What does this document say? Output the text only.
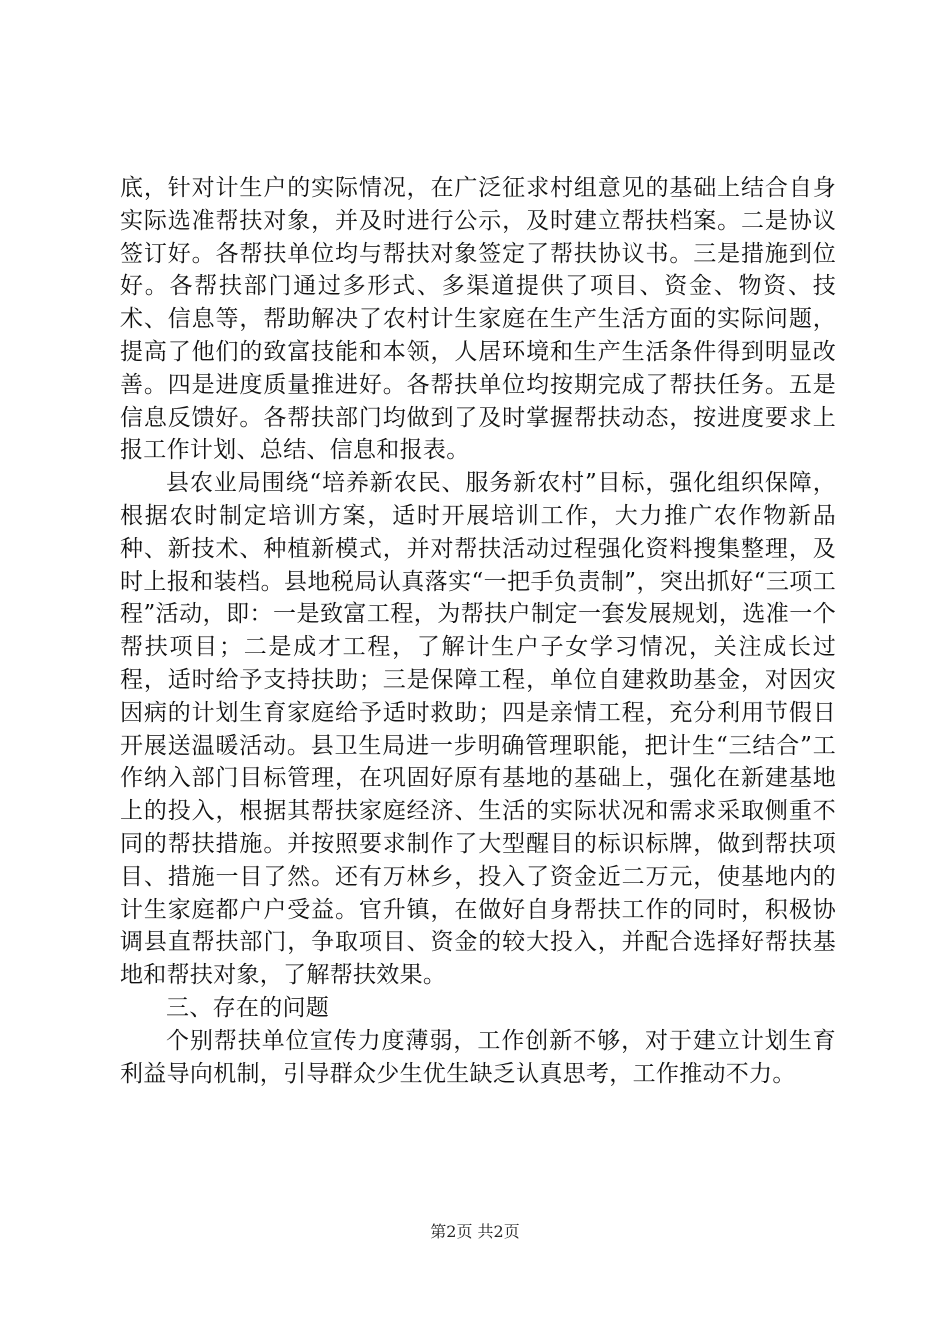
底，针对计生户的实际情况，在广泛征求村组意见的基础上结合自身实际选准帮扶对象，并及时进行公示，及时建立帮扶档案。二是协议签订好。各帮扶单位均与帮扶对象签定了帮扶协议书。三是措施到位好。各帮扶部门通过多形式、多渠道提供了项目、资金、物资、技术、信息等，帮助解决了农村计生家庭在生产生活方面的实际问题，提高了他们的致富技能和本领，人居环境和生产生活条件得到明显改善。四是进度质量推进好。各帮扶单位均按期完成了帮扶任务。五是信息反馈好。各帮扶部门均做到了及时掌握帮扶动态，按进度要求上报工作计划、总结、信息和报表。

县农业局围绕“培养新农民、服务新农村”目标，强化组织保障，根据农时制定培训方案，适时开展培训工作，大力推广农作物新品种、新技术、种植新模式，并对帮扶活动过程强化资料搜集整理，及时上报和装档。县地税局认真落实“一把手负责制”，突出抓好“三项工程”活动，即：一是致富工程，为帮扶户制定一套发展规划，选准一个帮扶项目；二是成才工程，了解计生户子女学习情况，关注成长过程，适时给予支持扶助；三是保障工程，单位自建救助基金，对因灾因病的计划生育家庭给予适时救助；四是亲情工程，充分利用节假日开展送温暖活动。县卫生局进一步明确管理职能，把计生“三结合”工作纳入部门目标管理，在巩固好原有基地的基础上，强化在新建基地上的投入，根据其帮扶家庭经济、生活的实际状况和需求采取侧重不同的帮扶措施。并按照要求制作了大型醒目的标识标牌，做到帮扶项目、措施一目了然。还有万林乡，投入了资金近二万元，使基地内的计生家庭都户户受益。官升镇，在做好自身帮扶工作的同时，积极协调县直帮扶部门，争取项目、资金的较大投入，并配合选择好帮扶基地和帮扶对象，了解帮扶效果。

三、存在的问题

个别帮扶单位宣传力度薄弱，工作创新不够，对于建立计划生育利益导向机制，引导群众少生优生缺乏认真思考，工作推动不力。

第2页 共2页
